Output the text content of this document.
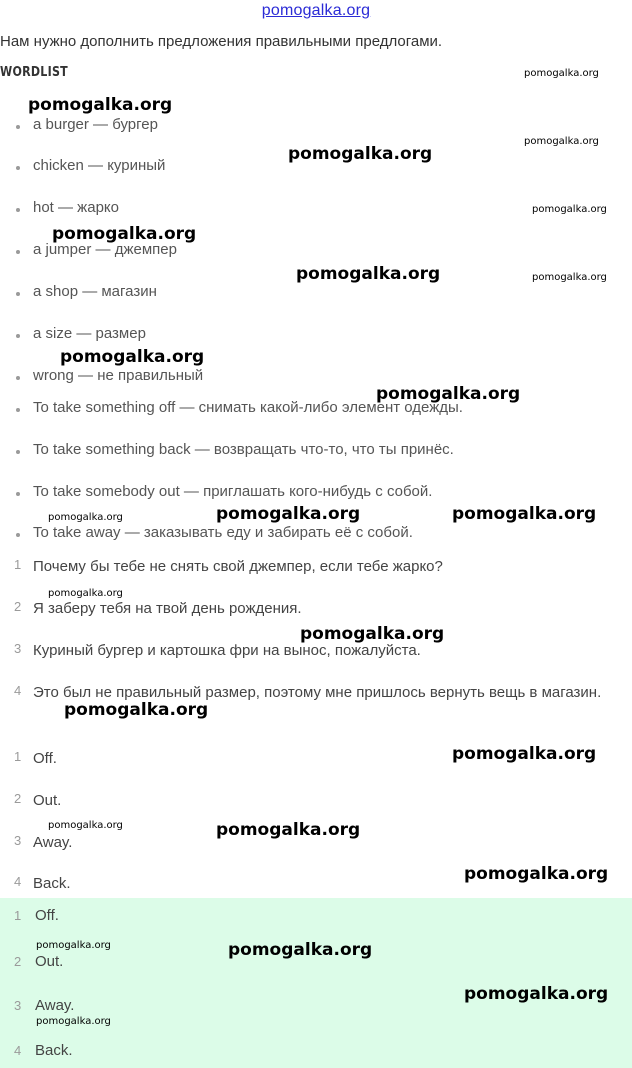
pomogalka.org
Нам нужно дополнить предложения правильными предлогами.
WORDLIST
a burger — бургер
chicken — куриный
hot — жарко
a jumper — джемпер
a shop — магазин
a size — размер
wrong — не правильный
To take something off — снимать какой-либо элемент одежды.
To take something back — возвращать что-то, что ты принёс.
To take somebody out — приглашать кого-нибудь с собой.
To take away — заказывать еду и забирать её с собой.
1 Почему бы тебе не снять свой джемпер, если тебе жарко?
2 Я заберу тебя на твой день рождения.
3 Куриный бургер и картошка фри на вынос, пожалуйста.
4 Это был не правильный размер, поэтому мне пришлось вернуть вещь в магазин.
1 Off.
2 Out.
3 Away.
4 Back.
1 Off.
2 Out.
3 Away.
4 Back.
pomogalka.org
pomogalka.org
pomogalka.org
pomogalka.org
pomogalka.org
pomogalka.org
pomogalka.org	pomogalka.org
pomogalka.org
pomogalka.org
pomogalka.org	pomogalka.org	pomogalka.org
pomogalka.org
pomogalka.org
pomogalka.org
pomogalka.org
pomogalka.org	pomogalka.org
pomogalka.org
pomogalka.org	pomogalka.org
pomogalka.org
pomogalka.org
